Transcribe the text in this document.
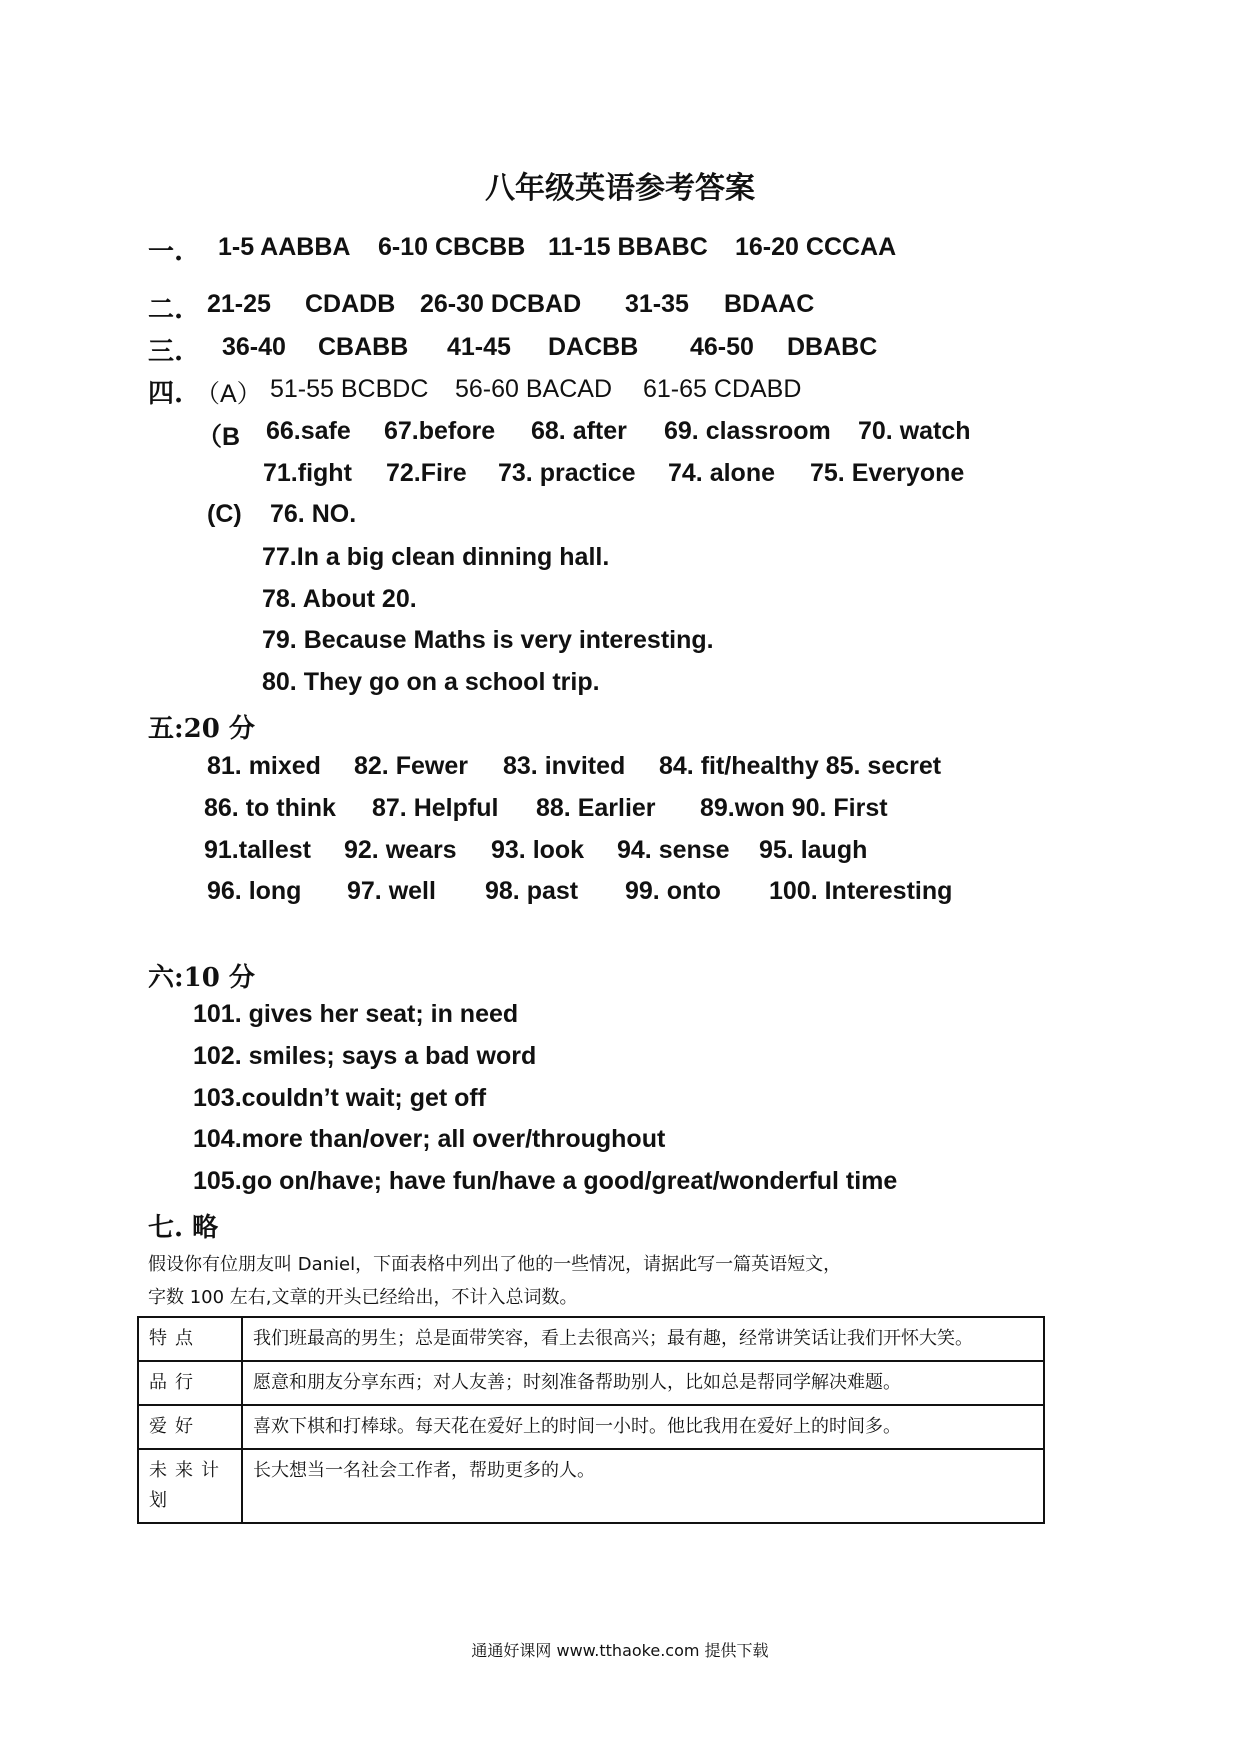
八年级英语参考答案
一. 1-5 AABBA 6-10 CBCBB 11-15 BBABC 16-20 CCCAA
二. 21-25 CDADB 26-30 DCBAD 31-35 BDAAC
三. 36-40 CBABB 41-45 DACBB 46-50 DBABC
四. （A） 51-55 BCBDC 56-60 BACAD 61-65 CDABD
（B 66.safe 67.before 68. after 69. classroom 70. watch
71.fight 72.Fire 73. practice 74. alone 75. Everyone
(C) 76. NO.
77.In a big clean dinning hall.
78. About 20.
79. Because Maths is very interesting.
80. They go on a school trip.
五:20 分
81. mixed 82. Fewer 83. invited 84. fit/healthy 85. secret
86. to think 87. Helpful 88. Earlier 89.won 90. First
91.tallest 92. wears 93. look 94. sense 95. laugh
96. long 97. well 98. past 99. onto 100. Interesting
六:10 分
101. gives her seat; in need
102. smiles; says a bad word
103.couldn’t wait; get off
104.more than/over; all over/throughout
105.go on/have; have fun/have a good/great/wonderful time
七. 略
假设你有位朋友叫 Daniel，下面表格中列出了他的一些情况，请据此写一篇英语短文，
字数 100 左右,文章的开头已经给出，不计入总词数。
特点	我们班最高的男生；总是面带笑容，看上去很高兴；最有趣，经常讲笑话让我们开怀大笑。
品行	愿意和朋友分享东西；对人友善；时刻准备帮助别人，比如总是帮同学解决难题。
爱好	喜欢下棋和打棒球。每天花在爱好上的时间一小时。他比我用在爱好上的时间多。
未来计划	长大想当一名社会工作者，帮助更多的人。
通通好课网 www.tthaoke.com 提供下载
